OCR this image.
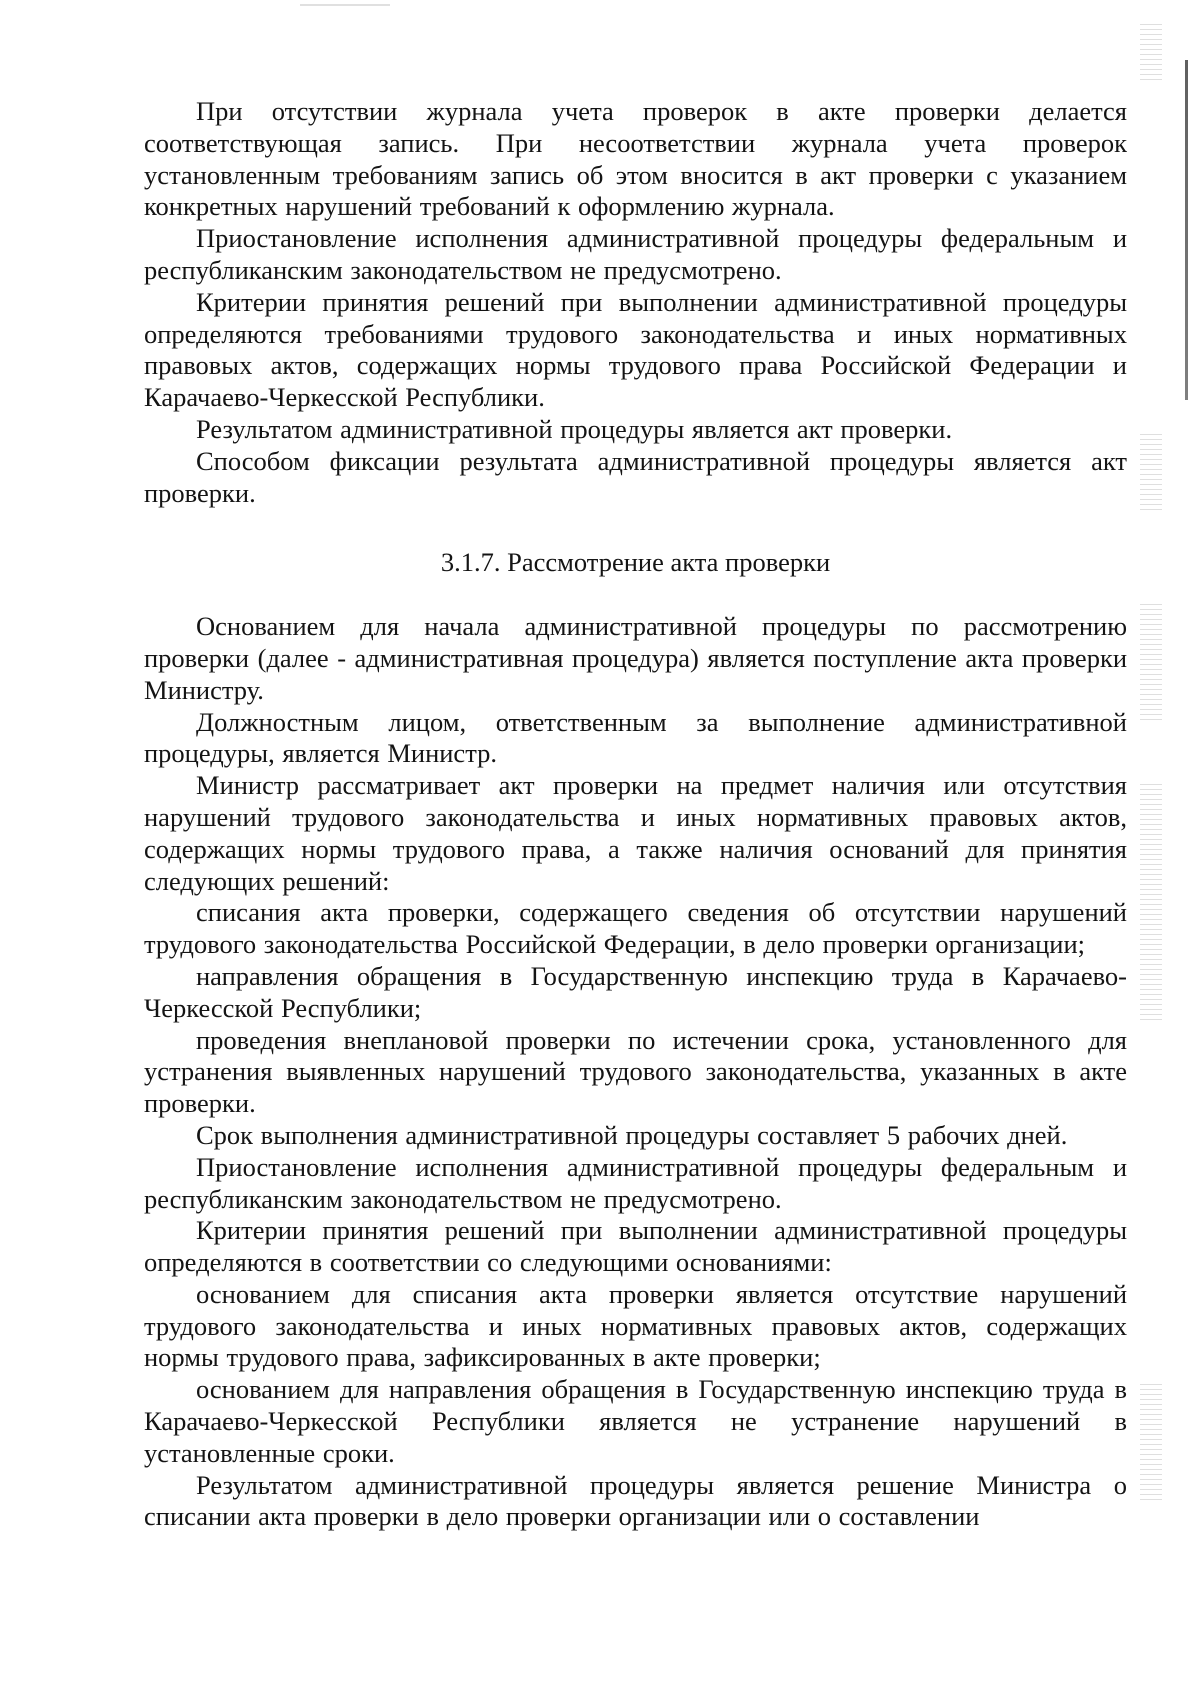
При отсутствии журнала учета проверок в акте проверки делается соответствующая запись. При несоответствии журнала учета проверок установленным требованиям запись об этом вносится в акт проверки с указанием конкретных нарушений требований к оформлению журнала.

Приостановление исполнения административной процедуры федеральным и республиканским законодательством не предусмотрено.

Критерии принятия решений при выполнении административной процедуры определяются требованиями трудового законодательства и иных нормативных правовых актов, содержащих нормы трудового права Российской Федерации и Карачаево-Черкесской Республики.

Результатом административной процедуры является акт проверки.

Способом фиксации результата административной процедуры является акт проверки.

3.1.7. Рассмотрение акта проверки

Основанием для начала административной процедуры по рассмотрению проверки (далее - административная процедура) является поступление акта проверки Министру.

Должностным лицом, ответственным за выполнение административной процедуры, является Министр.

Министр рассматривает акт проверки на предмет наличия или отсутствия нарушений трудового законодательства и иных нормативных правовых актов, содержащих нормы трудового права, а также наличия оснований для принятия следующих решений:

списания акта проверки, содержащего сведения об отсутствии нарушений трудового законодательства Российской Федерации, в дело проверки организации;

направления обращения в Государственную инспекцию труда в Карачаево-Черкесской Республики;

проведения внеплановой проверки по истечении срока, установленного для устранения выявленных нарушений трудового законодательства, указанных в акте проверки.

Срок выполнения административной процедуры составляет 5 рабочих дней.

Приостановление исполнения административной процедуры федеральным и республиканским законодательством не предусмотрено.

Критерии принятия решений при выполнении административной процедуры определяются в соответствии со следующими основаниями:

основанием для списания акта проверки является отсутствие нарушений трудового законодательства и иных нормативных правовых актов, содержащих нормы трудового права, зафиксированных в акте проверки;

основанием для направления обращения в Государственную инспекцию труда в Карачаево-Черкесской Республики является не устранение нарушений в установленные сроки.

Результатом административной процедуры является решение Министра о списании акта проверки в дело проверки организации или о составлении
